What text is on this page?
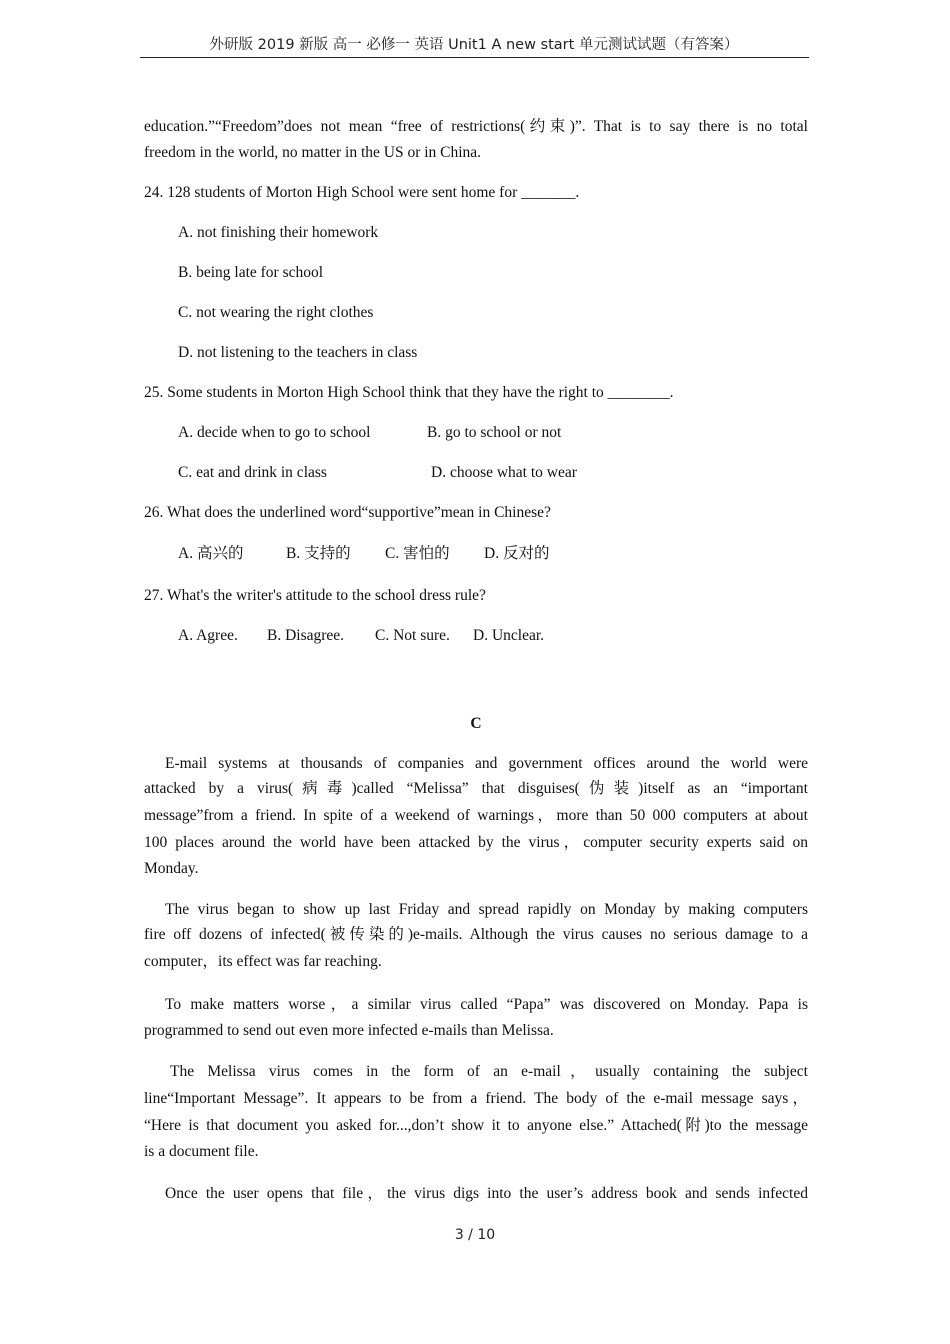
外研版 2019 新版 高一 必修一 英语 Unit1 A new start 单元测试试题（有答案）
education.”“Freedom”does not mean “free of restrictions(约束)”. That is to say there is no total
freedom in the world, no matter in the US or in China.
24. 128 students of Morton High School were sent home for _______.
A. not finishing their homework
B. being late for school
C. not wearing the right clothes
D. not listening to the teachers in class
25. Some students in Morton High School think that they have the right to ________.
A. decide when to go to school	B. go to school or not
C. eat and drink in class	D. choose what to wear
26. What does the underlined word“supportive”mean in Chinese?
A. 高兴的	B. 支持的 C. 害怕的 D. 反对的
27. What's the writer's attitude to the school dress rule?
A. Agree. B. Disagree. C. Not sure. D. Unclear.
C
E-mail systems at thousands of companies and government offices around the world were
attacked by a virus(病毒)called “Melissa” that disguises(伪装)itself as an “important
message”from a friend. In spite of a weekend of warnings，more than 50 000 computers at about
100 places around the world have been attacked by the virus，computer security experts said on
Monday.
The virus began to show up last Friday and spread rapidly on Monday by making computers
fire off dozens of infected(被传染的)e-mails. Although the virus causes no serious damage to a
computer，its effect was far reaching.
To make matters worse，a similar virus called “Papa” was discovered on Monday. Papa is
programmed to send out even more infected e-mails than Melissa.
The Melissa virus comes in the form of an e-mail，usually containing the subject
line“Important Message”. It appears to be from a friend. The body of the e-mail message says，
“Here is that document you asked for...,don’t show it to anyone else.” Attached(附)to the message
is a document file.
Once the user opens that file，the virus digs into the user’s address book and sends infected
3 / 10
